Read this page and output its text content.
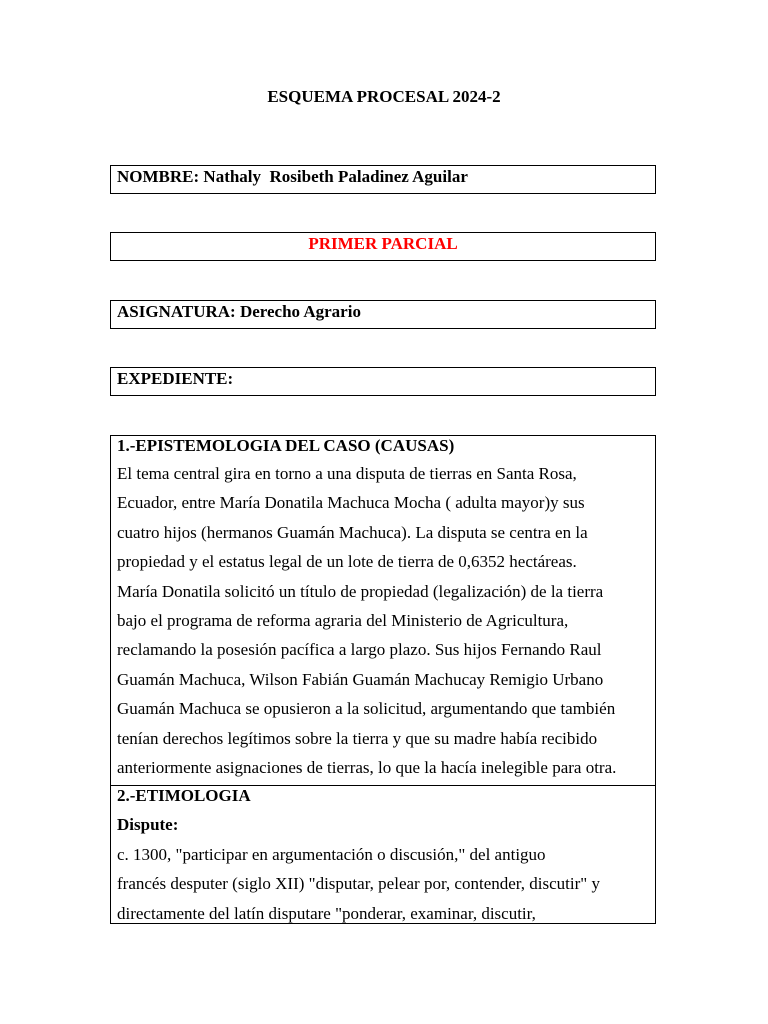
ESQUEMA PROCESAL 2024-2
NOMBRE: Nathaly  Rosibeth Paladinez Aguilar
PRIMER PARCIAL
ASIGNATURA: Derecho Agrario
EXPEDIENTE:
1.-EPISTEMOLOGIA DEL CASO (CAUSAS)
El tema central gira en torno a una disputa de tierras en Santa Rosa,
Ecuador, entre María Donatila Machuca Mocha ( adulta mayor)y sus
cuatro hijos (hermanos Guamán Machuca). La disputa se centra en la
propiedad y el estatus legal de un lote de tierra de 0,6352 hectáreas.
María Donatila solicitó un título de propiedad (legalización) de la tierra
bajo el programa de reforma agraria del Ministerio de Agricultura,
reclamando la posesión pacífica a largo plazo. Sus hijos Fernando Raul
Guamán Machuca, Wilson Fabián Guamán Machucay Remigio Urbano
Guamán Machuca se opusieron a la solicitud, argumentando que también
tenían derechos legítimos sobre la tierra y que su madre había recibido
anteriormente asignaciones de tierras, lo que la hacía inelegible para otra.
2.-ETIMOLOGIA
Dispute:
c. 1300, "participar en argumentación o discusión," del antiguo
francés desputer (siglo XII) "disputar, pelear por, contender, discutir" y
directamente del latín disputare "ponderar, examinar, discutir,
